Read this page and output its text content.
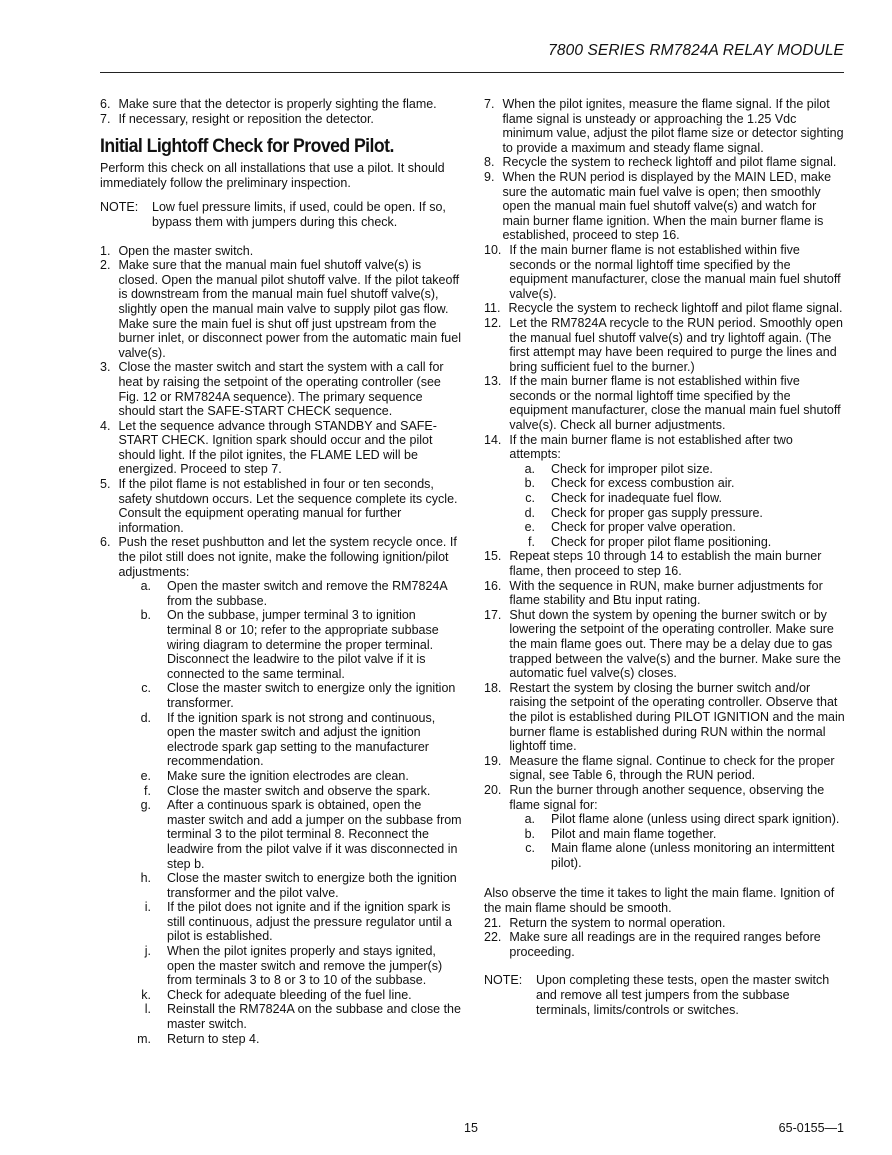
7800 SERIES RM7824A RELAY MODULE
6. Make sure that the detector is properly sighting the flame.
7. If necessary, resight or reposition the detector.
Initial Lightoff Check for Proved Pilot.

Perform this check on all installations that use a pilot. It should immediately follow the preliminary inspection.

NOTE:	Low fuel pressure limits, if used, could be open. If so, bypass them with jumpers during this check.
1. Open the master switch.
2. Make sure that the manual main fuel shutoff valve(s) is closed. Open the manual pilot shutoff valve. If the pilot takeoff is downstream from the manual main fuel shutoff valve(s), slightly open the manual main valve to supply pilot gas flow. Make sure the main fuel is shut off just upstream from the burner inlet, or disconnect power from the automatic main fuel valve(s).
3. Close the master switch and start the system with a call for heat by raising the setpoint of the operating controller (see Fig. 12 or RM7824A sequence). The primary sequence should start the SAFE-START CHECK sequence.
4. Let the sequence advance through STANDBY and SAFE-START CHECK. Ignition spark should occur and the pilot should light. If the pilot ignites, the FLAME LED will be energized. Proceed to step 7.
5. If the pilot flame is not established in four or ten seconds, safety shutdown occurs. Let the sequence complete its cycle. Consult the equipment operating manual for further information.
6. Push the reset pushbutton and let the system recycle once. If the pilot still does not ignite, make the following ignition/pilot adjustments:
a.	Open the master switch and remove the RM7824A from the subbase.
b.	On the subbase, jumper terminal 3 to ignition terminal 8 or 10; refer to the appropriate subbase wiring diagram to determine the proper terminal. Disconnect the leadwire to the pilot valve if it is connected to the same terminal.
c.	Close the master switch to energize only the ignition transformer.
d.	If the ignition spark is not strong and continuous, open the master switch and adjust the ignition electrode spark gap setting to the manufacturer recommendation.
e.	Make sure the ignition electrodes are clean.
f.	Close the master switch and observe the spark.
g.	After a continuous spark is obtained, open the master switch and add a jumper on the subbase from terminal 3 to the pilot terminal 8. Reconnect the leadwire from the pilot valve if it was disconnected in step b.
h.	Close the master switch to energize both the ignition transformer and the pilot valve.
i.	If the pilot does not ignite and if the ignition spark is still continuous, adjust the pressure regulator until a pilot is established.
j.	When the pilot ignites properly and stays ignited, open the master switch and remove the jumper(s) from terminals 3 to 8 or 3 to 10 of the subbase.
k.	Check for adequate bleeding of the fuel line.
l.	Reinstall the RM7824A on the subbase and close the master switch.
m.	Return to step 4.
7. When the pilot ignites, measure the flame signal. If the pilot flame signal is unsteady or approaching the 1.25 Vdc minimum value, adjust the pilot flame size or detector sighting to provide a maximum and steady flame signal.
8. Recycle the system to recheck lightoff and pilot flame signal.
9. When the RUN period is displayed by the MAIN LED, make sure the automatic main fuel valve is open; then smoothly open the manual main fuel shutoff valve(s) and watch for main burner flame ignition. When the main burner flame is established, proceed to step 16.
10. If the main burner flame is not established within five seconds or the normal lightoff time specified by the equipment manufacturer, close the manual main fuel shutoff valve(s).
11. Recycle the system to recheck lightoff and pilot flame signal.
12. Let the RM7824A recycle to the RUN period. Smoothly open the manual fuel shutoff valve(s) and try lightoff again. (The first attempt may have been required to purge the lines and bring sufficient fuel to the burner.)
13. If the main burner flame is not established within five seconds or the normal lightoff time specified by the equipment manufacturer, close the manual main fuel shutoff valve(s). Check all burner adjustments.
14. If the main burner flame is not established after two attempts:
a.	Check for improper pilot size.
b.	Check for excess combustion air.
c.	Check for inadequate fuel flow.
d.	Check for proper gas supply pressure.
e.	Check for proper valve operation.
f.	Check for proper pilot flame positioning.
15. Repeat steps 10 through 14 to establish the main burner flame, then proceed to step 16.
16. With the sequence in RUN, make burner adjustments for flame stability and Btu input rating.
17. Shut down the system by opening the burner switch or by lowering the setpoint of the operating controller. Make sure the main flame goes out. There may be a delay due to gas trapped between the valve(s) and the burner. Make sure the automatic fuel valve(s) closes.
18. Restart the system by closing the burner switch and/or raising the setpoint of the operating controller. Observe that the pilot is established during PILOT IGNITION and the main burner flame is established during RUN within the normal lightoff time.
19. Measure the flame signal. Continue to check for the proper signal, see Table 6, through the RUN period.
20. Run the burner through another sequence, observing the flame signal for:
a.	Pilot flame alone (unless using direct spark ignition).
b.	Pilot and main flame together.
c.	Main flame alone (unless monitoring an intermittent pilot).

Also observe the time it takes to light the main flame. Ignition of the main flame should be smooth.

21. Return the system to normal operation.
22. Make sure all readings are in the required ranges before proceeding.
NOTE:	Upon completing these tests, open the master switch and remove all test jumpers from the subbase terminals, limits/controls or switches.
15	65-0155—1
